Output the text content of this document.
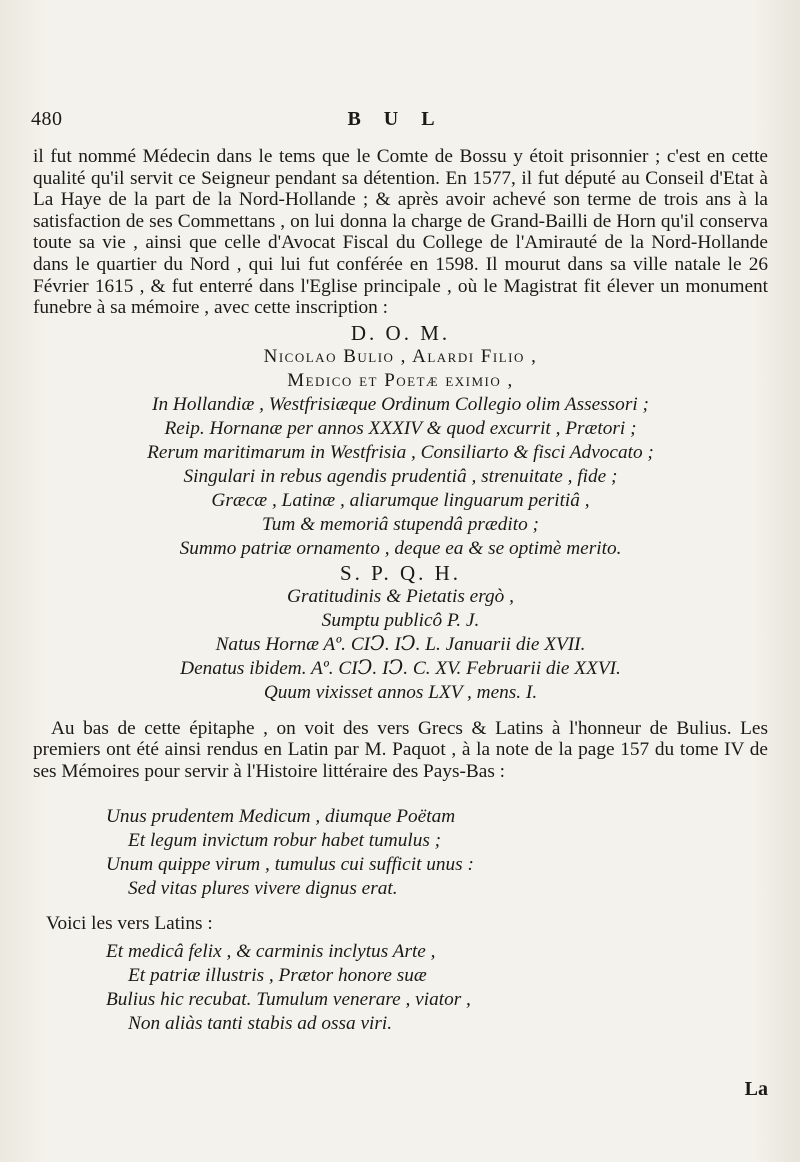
480	B U L

il fut nommé Médecin dans le tems que le Comte de Bossu y étoit prisonnier ; c'est en cette qualité qu'il servit ce Seigneur pendant sa détention. En 1577, il fut député au Conseil d'Etat à La Haye de la part de la Nord-Hollande ; & après avoir achevé son terme de trois ans à la satisfaction de ses Commettans , on lui donna la charge de Grand-Bailli de Horn qu'il conserva toute sa vie , ainsi que celle d'Avocat Fiscal du College de l'Amirauté de la Nord-Hollande dans le quartier du Nord , qui lui fut conférée en 1598. Il mourut dans sa ville natale le 26 Février 1615 , & fut enterré dans l'Eglise principale , où le Magistrat fit élever un monument funebre à sa mémoire , avec cette inscription :

D. O. M.
Nicolao Bulio , Alardi Filio ,
Medico et Poetæ eximio ,
In Hollandiæ , Westfrisiæque Ordinum Collegio olim Assessori ;
Reip. Hornanæ per annos XXXIV & quod excurrit , Prætori ;
Rerum maritimarum in Westfrisia , Consiliarto & fisci Advocato ;
Singulari in rebus agendis prudentiâ , strenuitate , fide ;
Græcæ , Latinæ , aliarumque linguarum peritiâ ,
Tum & memoriâ stupendâ prædito ;
Summo patriæ ornamento , deque ea & se optimè merito.
S. P. Q. H.
Gratitudinis & Pietatis ergò ,
Sumptu publicô P. J.
Natus Hornæ Aº. CIↃ. IↃ. L. Januarii die XVII.
Denatus ibidem. Aº. CIↃ. IↃ. C. XV. Februarii die XXVI.
Quum vixisset annos LXV , mens. I.

Au bas de cette épitaphe , on voit des vers Grecs & Latins à l'honneur de Bulius. Les premiers ont été ainsi rendus en Latin par M. Paquot , à la note de la page 157 du tome IV de ses Mémoires pour servir à l'Histoire littéraire des Pays-Bas :

Unus prudentem Medicum , diumque Poëtam
Et legum invictum robur habet tumulus ;
Unum quippe virum , tumulus cui sufficit unus :
Sed vitas plures vivere dignus erat.

Voici les vers Latins :

Et medicâ felix , & carminis inclytus Arte ,
Et patriæ illustris , Prætor honore suæ
Bulius hic recubat. Tumulum venerare , viator ,
Non aliàs tanti stabis ad ossa viri.
La
